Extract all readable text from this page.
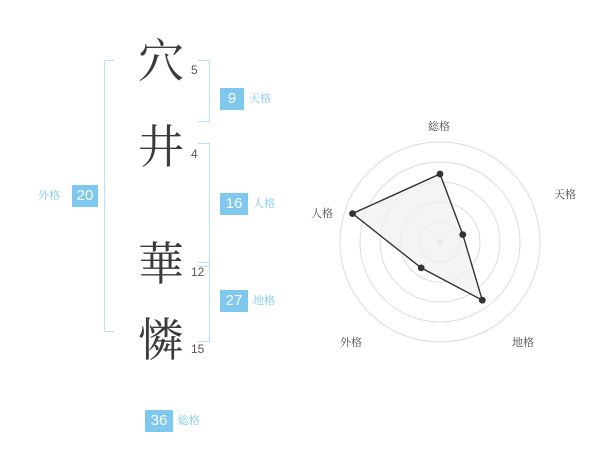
外格	20
穴 5
井 4
華 12
憐 15
9	天格
16 人格
27 地格
36 総格
総格
天格
地格
外格
人格
